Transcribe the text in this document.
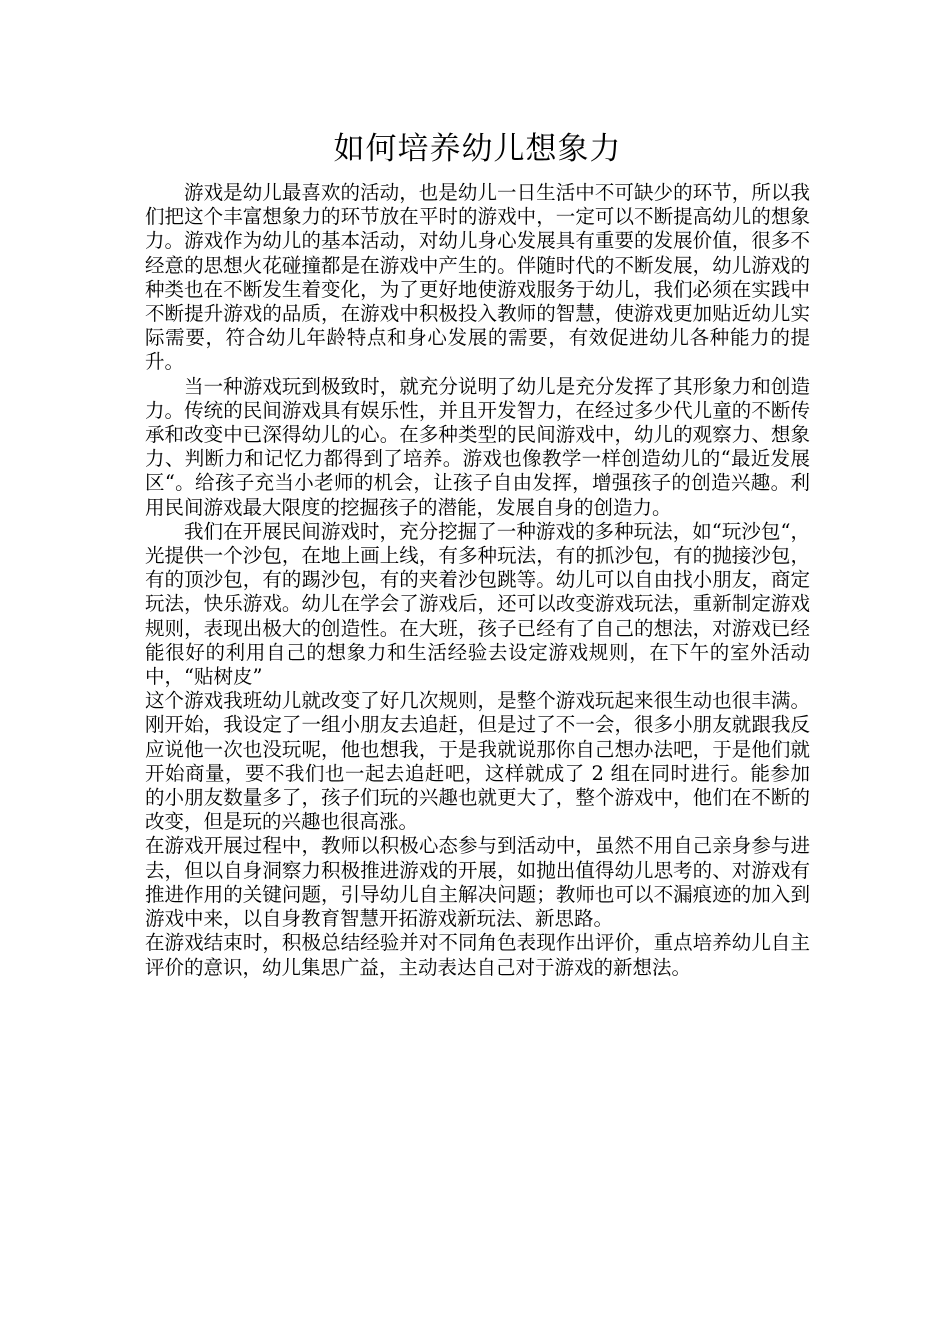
如何培养幼儿想象力

游戏是幼儿最喜欢的活动，也是幼儿一日生活中不可缺少的环节，所以我们把这个丰富想象力的环节放在平时的游戏中，一定可以不断提高幼儿的想象力。游戏作为幼儿的基本活动，对幼儿身心发展具有重要的发展价值，很多不经意的思想火花碰撞都是在游戏中产生的。伴随时代的不断发展，幼儿游戏的种类也在不断发生着变化，为了更好地使游戏服务于幼儿，我们必须在实践中不断提升游戏的品质，在游戏中积极投入教师的智慧，使游戏更加贴近幼儿实际需要，符合幼儿年龄特点和身心发展的需要，有效促进幼儿各种能力的提升。

当一种游戏玩到极致时，就充分说明了幼儿是充分发挥了其形象力和创造力。传统的民间游戏具有娱乐性，并且开发智力，在经过多少代儿童的不断传承和改变中已深得幼儿的心。在多种类型的民间游戏中，幼儿的观察力、想象力、判断力和记忆力都得到了培养。游戏也像教学一样创造幼儿的“最近发展区“。给孩子充当小老师的机会，让孩子自由发挥，增强孩子的创造兴趣。利用民间游戏最大限度的挖掘孩子的潜能，发展自身的创造力。

我们在开展民间游戏时，充分挖掘了一种游戏的多种玩法，如“玩沙包“，光提供一个沙包，在地上画上线，有多种玩法，有的抓沙包，有的抛接沙包，有的顶沙包，有的踢沙包，有的夹着沙包跳等。幼儿可以自由找小朋友，商定玩法，快乐游戏。幼儿在学会了游戏后，还可以改变游戏玩法，重新制定游戏规则，表现出极大的创造性。在大班，孩子已经有了自己的想法，对游戏已经能很好的利用自己的想象力和生活经验去设定游戏规则，在下午的室外活动中，“贴树皮”

这个游戏我班幼儿就改变了好几次规则，是整个游戏玩起来很生动也很丰满。刚开始，我设定了一组小朋友去追赶，但是过了不一会，很多小朋友就跟我反应说他一次也没玩呢，他也想我，于是我就说那你自己想办法吧，于是他们就开始商量，要不我们也一起去追赶吧，这样就成了 2 组在同时进行。能参加的小朋友数量多了，孩子们玩的兴趣也就更大了，整个游戏中，他们在不断的改变，但是玩的兴趣也很高涨。

在游戏开展过程中，教师以积极心态参与到活动中，虽然不用自己亲身参与进去，但以自身洞察力积极推进游戏的开展，如抛出值得幼儿思考的、对游戏有推进作用的关键问题，引导幼儿自主解决问题；教师也可以不漏痕迹的加入到游戏中来，以自身教育智慧开拓游戏新玩法、新思路。

在游戏结束时，积极总结经验并对不同角色表现作出评价，重点培养幼儿自主评价的意识，幼儿集思广益，主动表达自己对于游戏的新想法。
